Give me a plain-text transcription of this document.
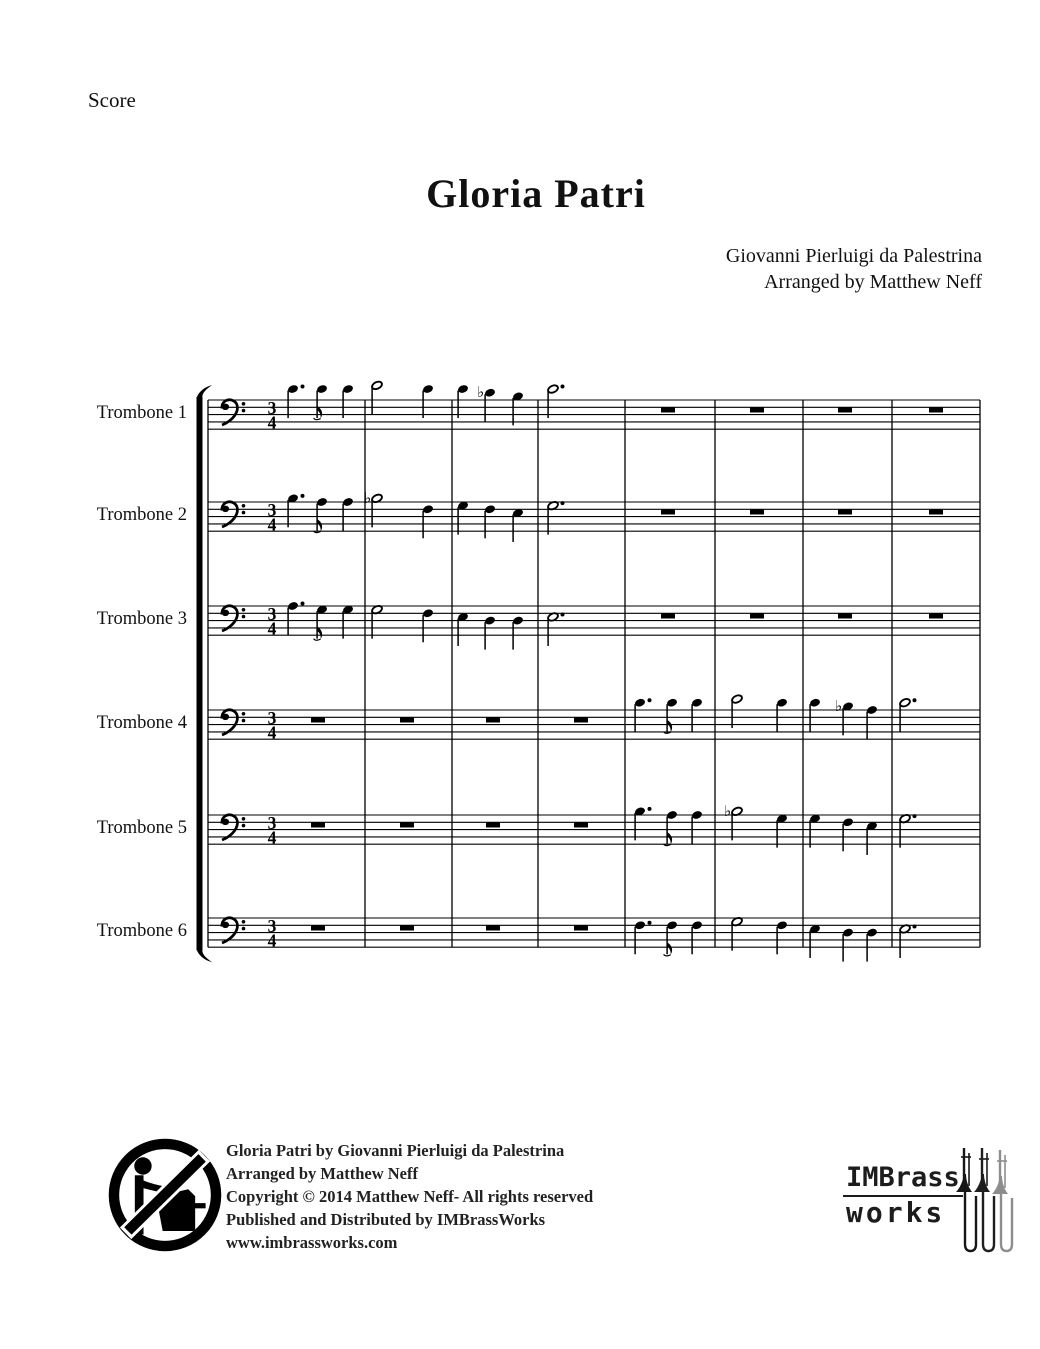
Score
Gloria Patri
Giovanni Pierluigi da Palestrina
Arranged by Matthew Neff
Trombone 1
Trombone 2
Trombone 3
Trombone 4
Trombone 5
Trombone 6
3
4
♭
3
4
♭
3
4
3
4
♭
3
4
♭
3
4
Gloria Patri by Giovanni Pierluigi da Palestrina
Arranged by Matthew Neff
Copyright © 2014 Matthew Neff- All rights reserved
Published and Distributed by IMBrassWorks
www.imbrassworks.com
IMBrass
works
